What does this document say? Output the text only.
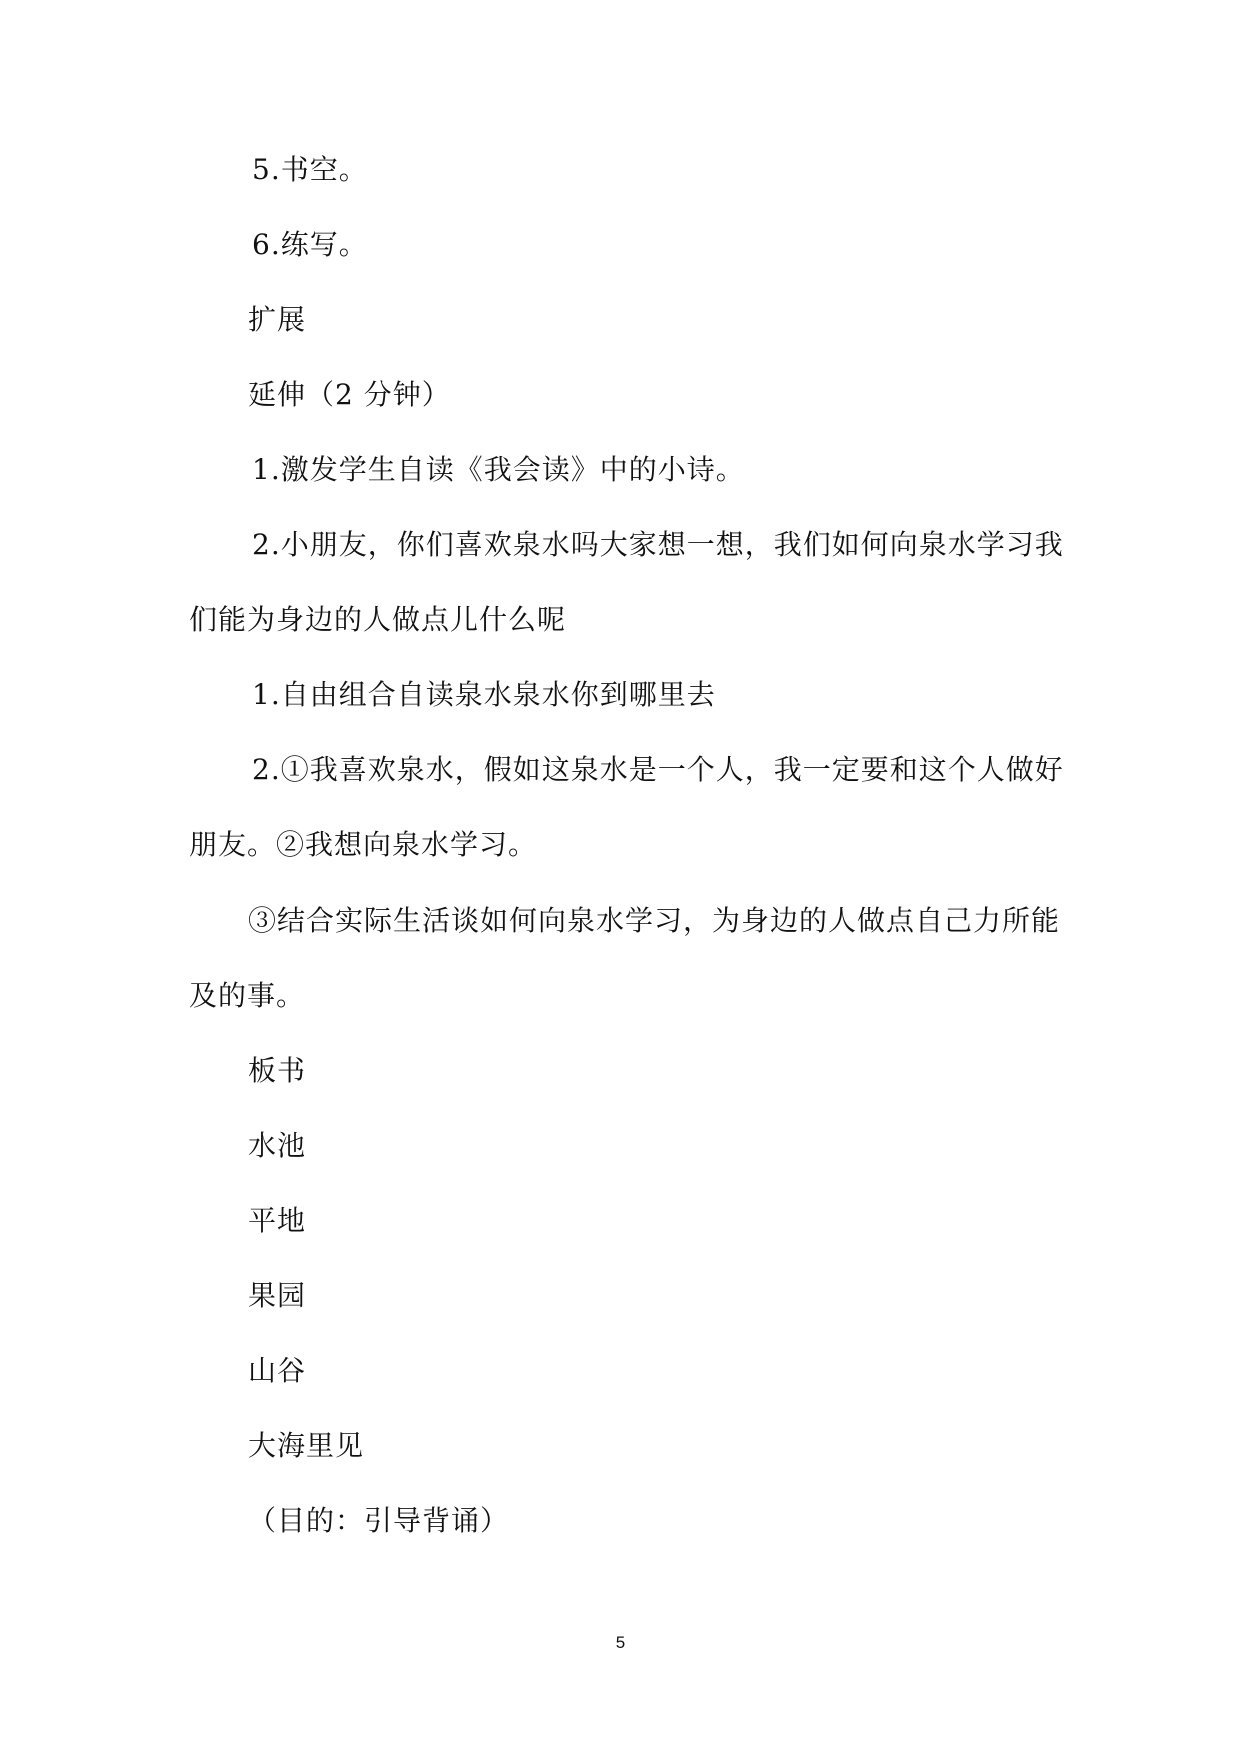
5.书空。
6.练写。
扩展
延伸（2 分钟）
1.激发学生自读《我会读》中的小诗。
2.小朋友，你们喜欢泉水吗大家想一想，我们如何向泉水学习我
们能为身边的人做点儿什么呢
1.自由组合自读泉水泉水你到哪里去
2.①我喜欢泉水，假如这泉水是一个人，我一定要和这个人做好
朋友。②我想向泉水学习。
③结合实际生活谈如何向泉水学习，为身边的人做点自己力所能
及的事。
板书
水池
平地
果园
山谷
大海里见
（目的：引导背诵）
5
